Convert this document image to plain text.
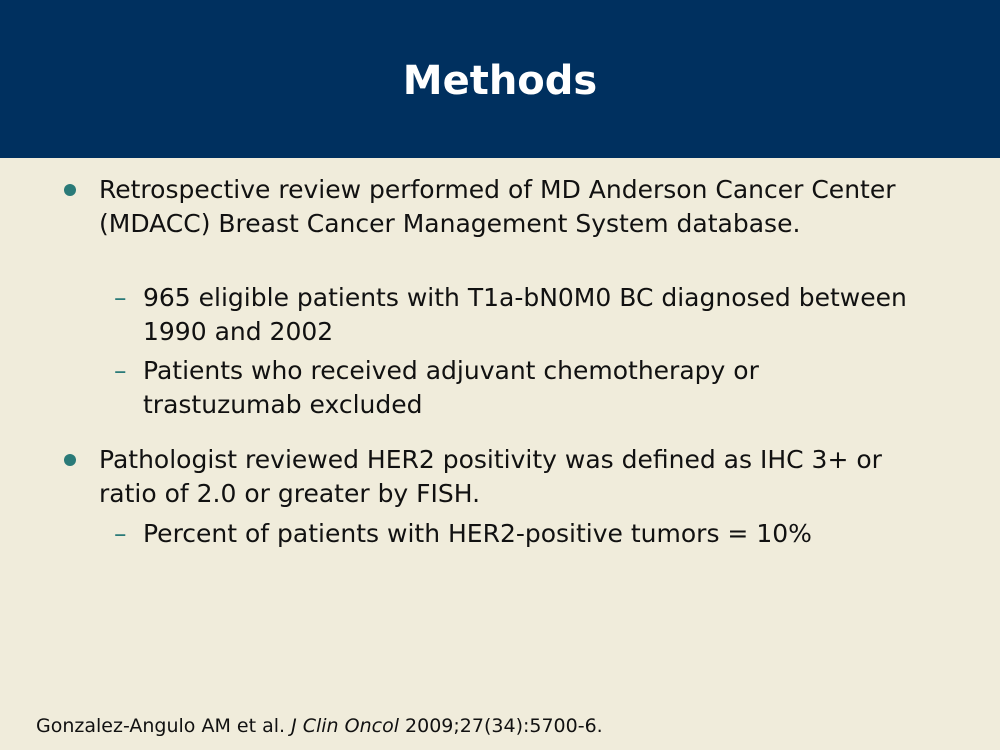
Methods
Retrospective review performed of MD Anderson Cancer Center (MDACC) Breast Cancer Management System database.
– 965 eligible patients with T1a-bN0M0 BC diagnosed between 1990 and 2002
– Patients who received adjuvant chemotherapy or trastuzumab excluded
Pathologist reviewed HER2 positivity was defined as IHC 3+ or ratio of 2.0 or greater by FISH.
– Percent of patients with HER2-positive tumors = 10%
Gonzalez-Angulo AM et al. J Clin Oncol 2009;27(34):5700-6.
